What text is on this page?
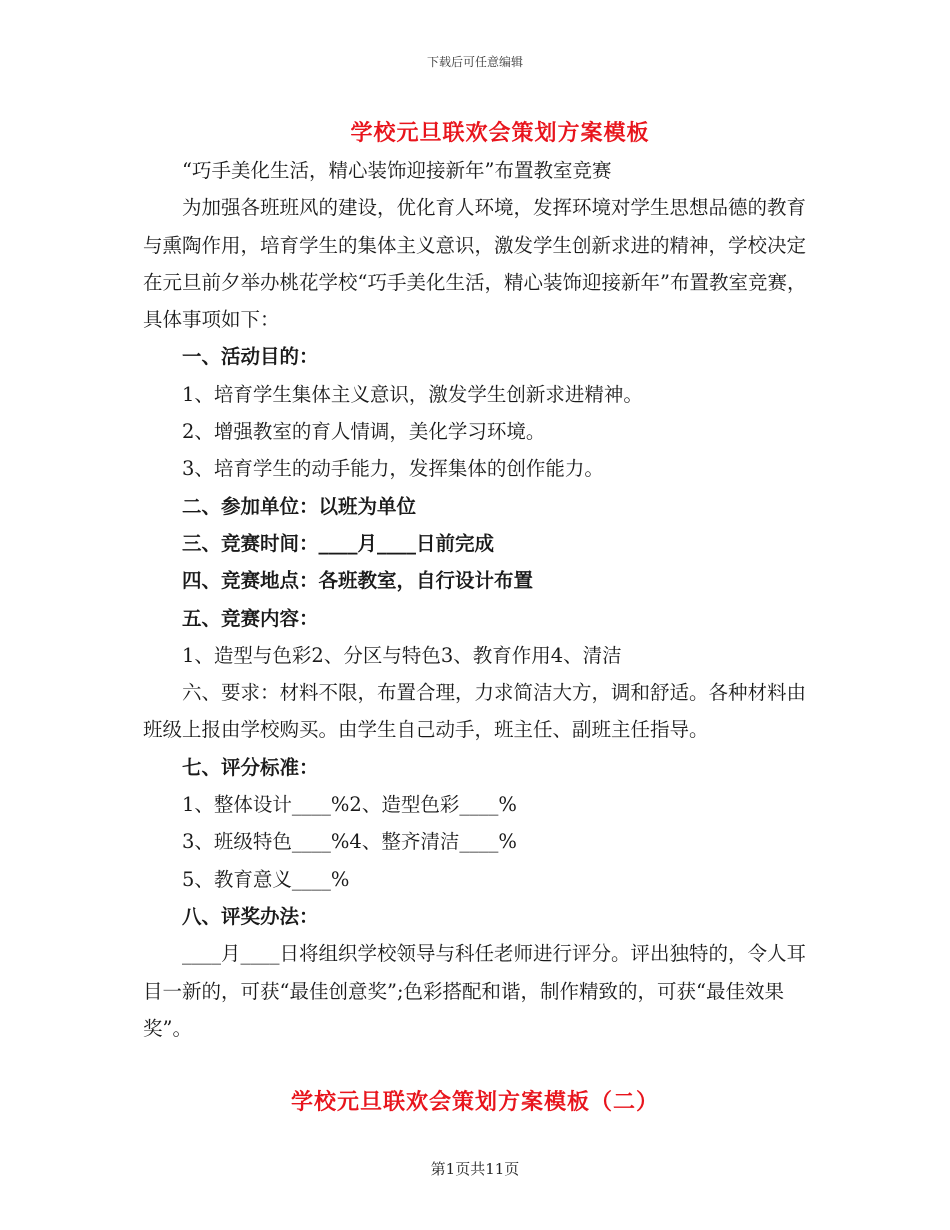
下载后可任意编辑
学校元旦联欢会策划方案模板

“巧手美化生活，精心装饰迎接新年”布置教室竞赛

为加强各班班风的建设，优化育人环境，发挥环境对学生思想品德的教育与熏陶作用，培育学生的集体主义意识，激发学生创新求进的精神，学校决定在元旦前夕举办桃花学校“巧手美化生活，精心装饰迎接新年”布置教室竞赛，具体事项如下：

一、活动目的：

1、培育学生集体主义意识，激发学生创新求进精神。

2、增强教室的育人情调，美化学习环境。

3、培育学生的动手能力，发挥集体的创作能力。

二、参加单位：以班为单位

三、竞赛时间：____月____日前完成

四、竞赛地点：各班教室，自行设计布置

五、竞赛内容：

1、造型与色彩2、分区与特色3、教育作用4、清洁

六、要求：材料不限，布置合理，力求简洁大方，调和舒适。各种材料由班级上报由学校购买。由学生自己动手，班主任、副班主任指导。

七、评分标准：

1、整体设计____%2、造型色彩____%

3、班级特色____%4、整齐清洁____%

5、教育意义____%

八、评奖办法：

____月____日将组织学校领导与科任老师进行评分。评出独特的，令人耳目一新的，可获“最佳创意奖”;色彩搭配和谐，制作精致的，可获“最佳效果奖”。

学校元旦联欢会策划方案模板（二）
第1页共11页
